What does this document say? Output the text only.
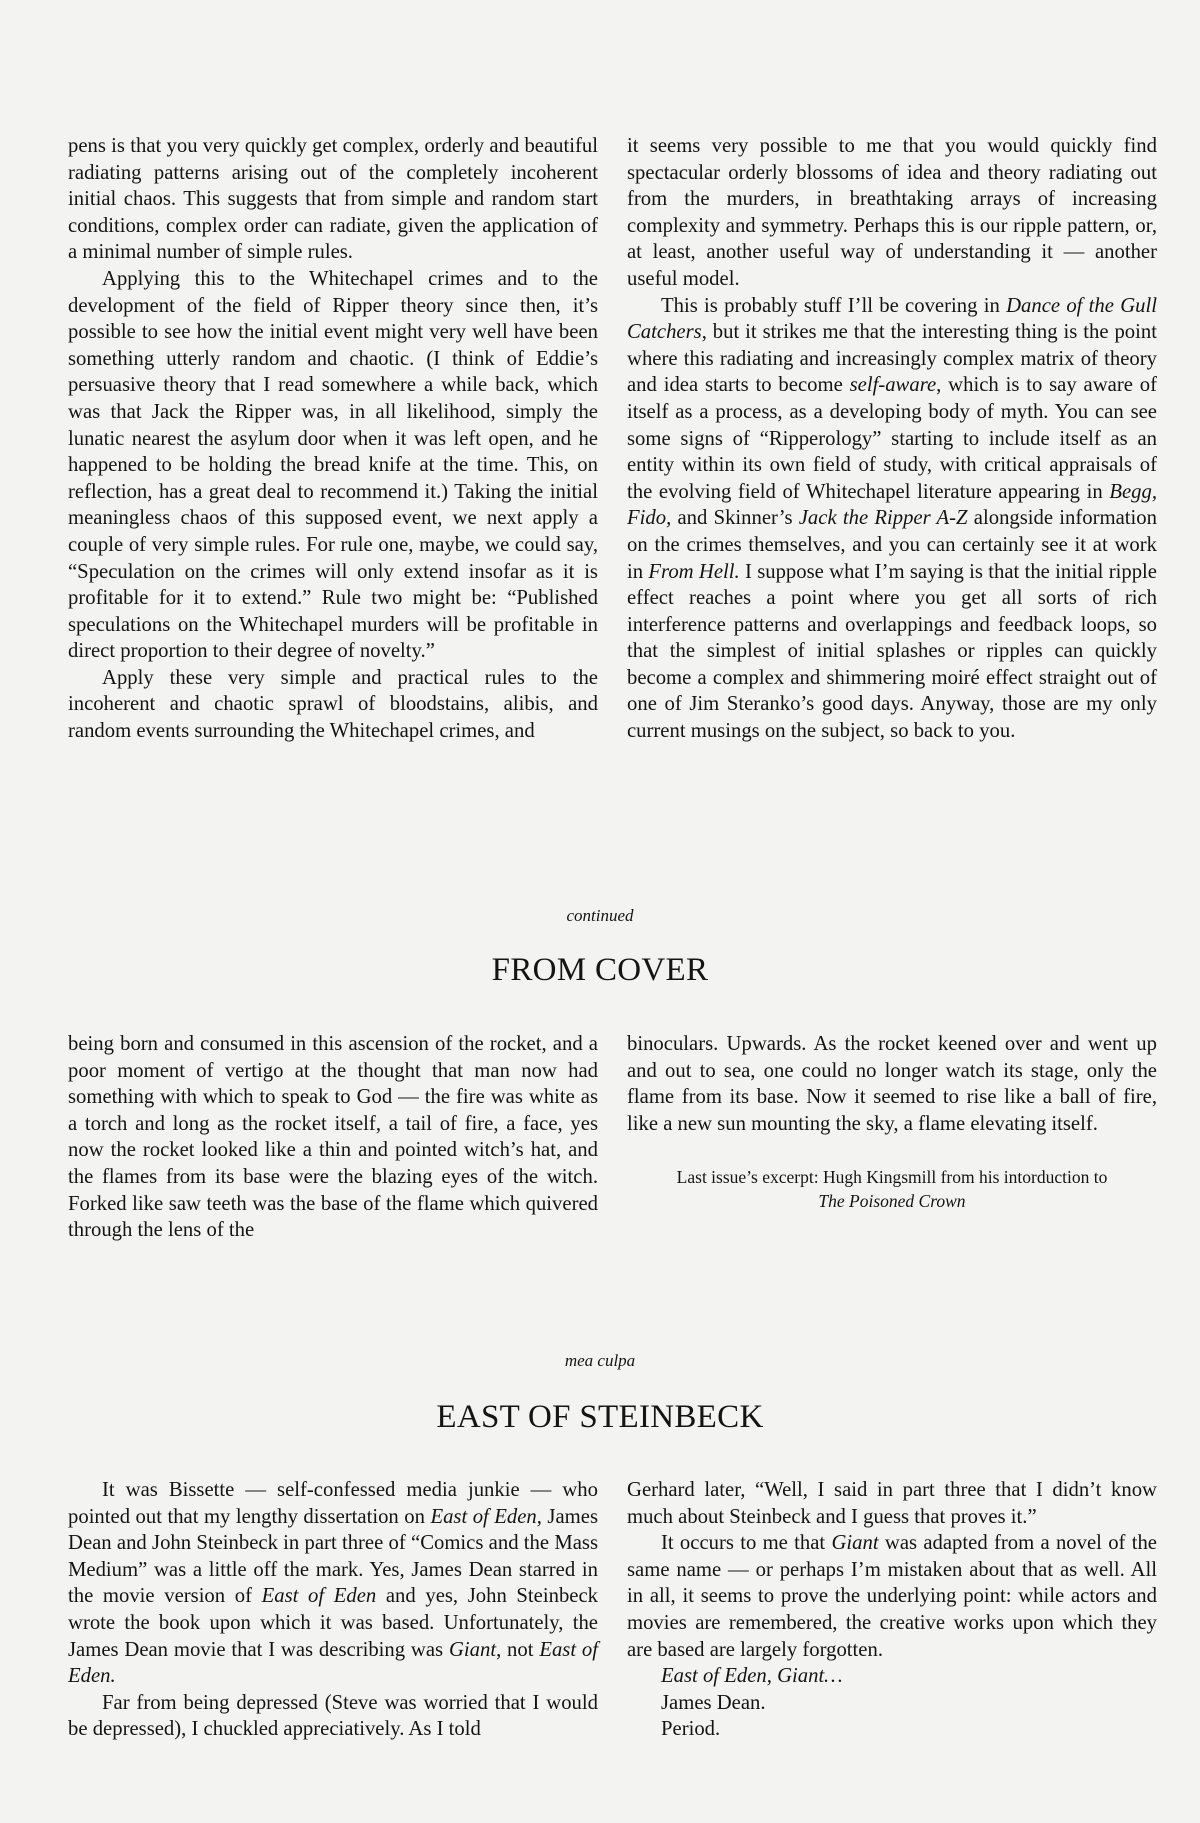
pens is that you very quickly get complex, orderly and beautiful radiating patterns arising out of the completely incoherent initial chaos. This suggests that from simple and random start conditions, complex order can radiate, given the application of a minimal number of simple rules.

Applying this to the Whitechapel crimes and to the development of the field of Ripper theory since then, it’s possible to see how the initial event might very well have been something utterly random and chaotic. (I think of Eddie’s persuasive theory that I read somewhere a while back, which was that Jack the Ripper was, in all likelihood, simply the lunatic nearest the asylum door when it was left open, and he happened to be holding the bread knife at the time. This, on reflection, has a great deal to recommend it.) Taking the initial meaningless chaos of this supposed event, we next apply a couple of very simple rules. For rule one, maybe, we could say, “Speculation on the crimes will only extend insofar as it is profitable for it to extend.” Rule two might be: “Published speculations on the Whitechapel murders will be profitable in direct proportion to their degree of novelty.”

Apply these very simple and practical rules to the incoherent and chaotic sprawl of bloodstains, alibis, and random events surrounding the Whitechapel crimes, and

it seems very possible to me that you would quickly find spectacular orderly blossoms of idea and theory radiating out from the murders, in breathtaking arrays of increasing complexity and symmetry. Perhaps this is our ripple pattern, or, at least, another useful way of understanding it — another useful model.

This is probably stuff I’ll be covering in Dance of the Gull Catchers, but it strikes me that the interesting thing is the point where this radiating and increasingly complex matrix of theory and idea starts to become self-aware, which is to say aware of itself as a process, as a developing body of myth. You can see some signs of “Ripperology” starting to include itself as an entity within its own field of study, with critical appraisals of the evolving field of Whitechapel literature appearing in Begg, Fido, and Skinner’s Jack the Ripper A-Z alongside information on the crimes themselves, and you can certainly see it at work in From Hell. I suppose what I’m saying is that the initial ripple effect reaches a point where you get all sorts of rich interference patterns and overlappings and feedback loops, so that the simplest of initial splashes or ripples can quickly become a complex and shimmering moiré effect straight out of one of Jim Steranko’s good days. Anyway, those are my only current musings on the subject, so back to you.

continued
FROM COVER

being born and consumed in this ascension of the rocket, and a poor moment of vertigo at the thought that man now had something with which to speak to God — the fire was white as a torch and long as the rocket itself, a tail of fire, a face, yes now the rocket looked like a thin and pointed witch’s hat, and the flames from its base were the blazing eyes of the witch. Forked like saw teeth was the base of the flame which quivered through the lens of the

binoculars. Upwards. As the rocket keened over and went up and out to sea, one could no longer watch its stage, only the flame from its base. Now it seemed to rise like a ball of fire, like a new sun mounting the sky, a flame elevating itself.

Last issue’s excerpt: Hugh Kingsmill from his intorduction to
The Poisoned Crown
mea culpa
EAST OF STEINBECK

It was Bissette — self-confessed media junkie — who pointed out that my lengthy dissertation on East of Eden, James Dean and John Steinbeck in part three of “Comics and the Mass Medium” was a little off the mark. Yes, James Dean starred in the movie version of East of Eden and yes, John Steinbeck wrote the book upon which it was based. Unfortunately, the James Dean movie that I was describing was Giant, not East of Eden.

Far from being depressed (Steve was worried that I would be depressed), I chuckled appreciatively. As I told

Gerhard later, “Well, I said in part three that I didn’t know much about Steinbeck and I guess that proves it.”

It occurs to me that Giant was adapted from a novel of the same name — or perhaps I’m mistaken about that as well. All in all, it seems to prove the underlying point: while actors and movies are remembered, the creative works upon which they are based are largely forgotten.

East of Eden, Giant…

James Dean.

Period.
